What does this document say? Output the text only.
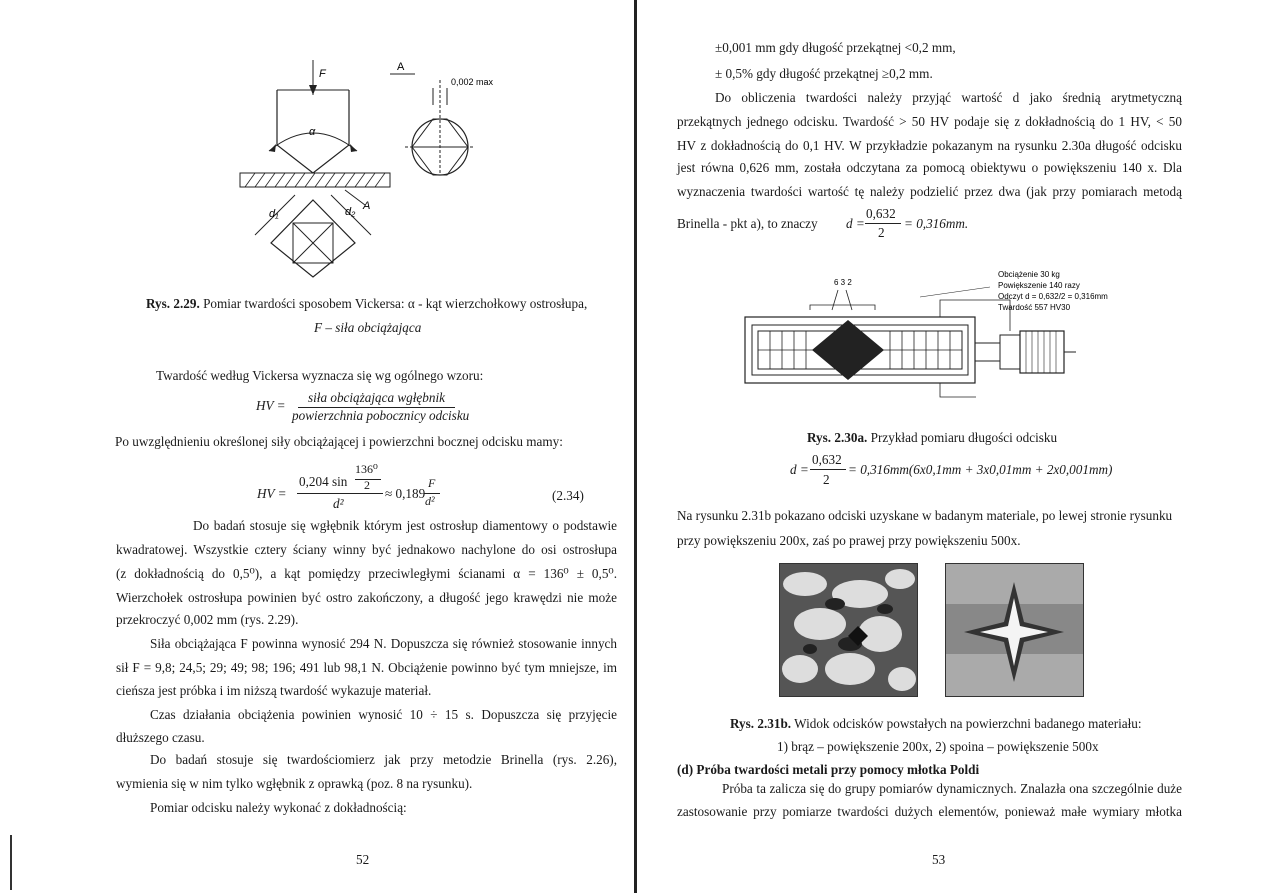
F
α
A
d₁	d₂
A
0,002 max
Rys. 2.29. Pomiar twardości sposobem Vickersa: α - kąt wierzchołkowy ostrosłupa,
F – siła obciążająca
Twardość według Vickersa wyznacza się wg ogólnego wzoru:
HV =
siła obciążająca wgłębnik
powierzchnia pobocznicy odcisku
Po uwzględnieniu określonej siły obciążającej i powierzchni bocznej odcisku mamy:
HV =
0,204 sin
136⁰
2
d²
≈ 0,189
F
d²	(2.34)
Do badań stosuje się wgłębnik którym jest ostrosłup diamentowy o podstawie
kwadratowej. Wszystkie cztery ściany winny być jednakowo nachylone do osi ostrosłupa
(z dokładnością do 0,5⁰), a kąt pomiędzy przeciwległymi ścianami α = 136⁰ ± 0,5⁰.
Wierzchołek ostrosłupa powinien być ostro zakończony, a długość jego krawędzi nie może
przekroczyć 0,002 mm (rys. 2.29).
Siła obciążająca F powinna wynosić 294 N. Dopuszcza się również stosowanie innych
sił F = 9,8; 24,5; 29; 49; 98; 196; 491 lub 98,1 N. Obciążenie powinno być tym mniejsze, im
cieńsza jest próbka i im niższą twardość wykazuje materiał.
Czas działania obciążenia powinien wynosić 10 ÷ 15 s. Dopuszcza się przyjęcie
dłuższego czasu.
Do badań stosuje się twardościomierz jak przy metodzie Brinella (rys. 2.26),
wymienia się w nim tylko wgłębnik z oprawką (poz. 8 na rysunku).
Pomiar odcisku należy wykonać z dokładnością:
52
±0,001 mm gdy długość przekątnej <0,2 mm,
± 0,5% gdy długość przekątnej ≥0,2 mm.
Do obliczenia twardości należy przyjąć wartość d jako średnią arytmetyczną
przekątnych jednego odcisku. Twardość > 50 HV podaje się z dokładnością do 1 HV, < 50
HV z dokładnością do 0,1 HV. W przykładzie pokazanym na rysunku 2.30a długość odcisku
jest równa 0,626 mm, została odczytana za pomocą obiektywu o powiększeniu 140 x. Dla
wyznaczenia twardości wartość tę należy podzielić przez dwa (jak przy pomiarach metodą
Brinella - pkt a), to znaczy d =
0,632
2
= 0,316mm.
6 3 2
Obciążenie 30 kg
Powiększenie 140 razy
Odczyt d = 0,632/2 = 0,316mm
Twardość 557 HV30
Rys. 2.30a. Przykład pomiaru długości odcisku
d =
0,632
2
= 0,316mm(6x0,1mm + 3x0,01mm + 2x0,001mm)
Na rysunku 2.31b pokazano odciski uzyskane w badanym materiale, po lewej stronie rysunku
przy powiększeniu 200x, zaś po prawej przy powiększeniu 500x.
Rys. 2.31b. Widok odcisków powstałych na powierzchni badanego materiału:
1) brąz – powiększenie 200x, 2) spoina – powiększenie 500x
(d) Próba twardości metali przy pomocy młotka Poldi
Próba ta zalicza się do grupy pomiarów dynamicznych. Znalazła ona szczególnie duże
zastosowanie przy pomiarze twardości dużych elementów, ponieważ małe wymiary młotka
53
